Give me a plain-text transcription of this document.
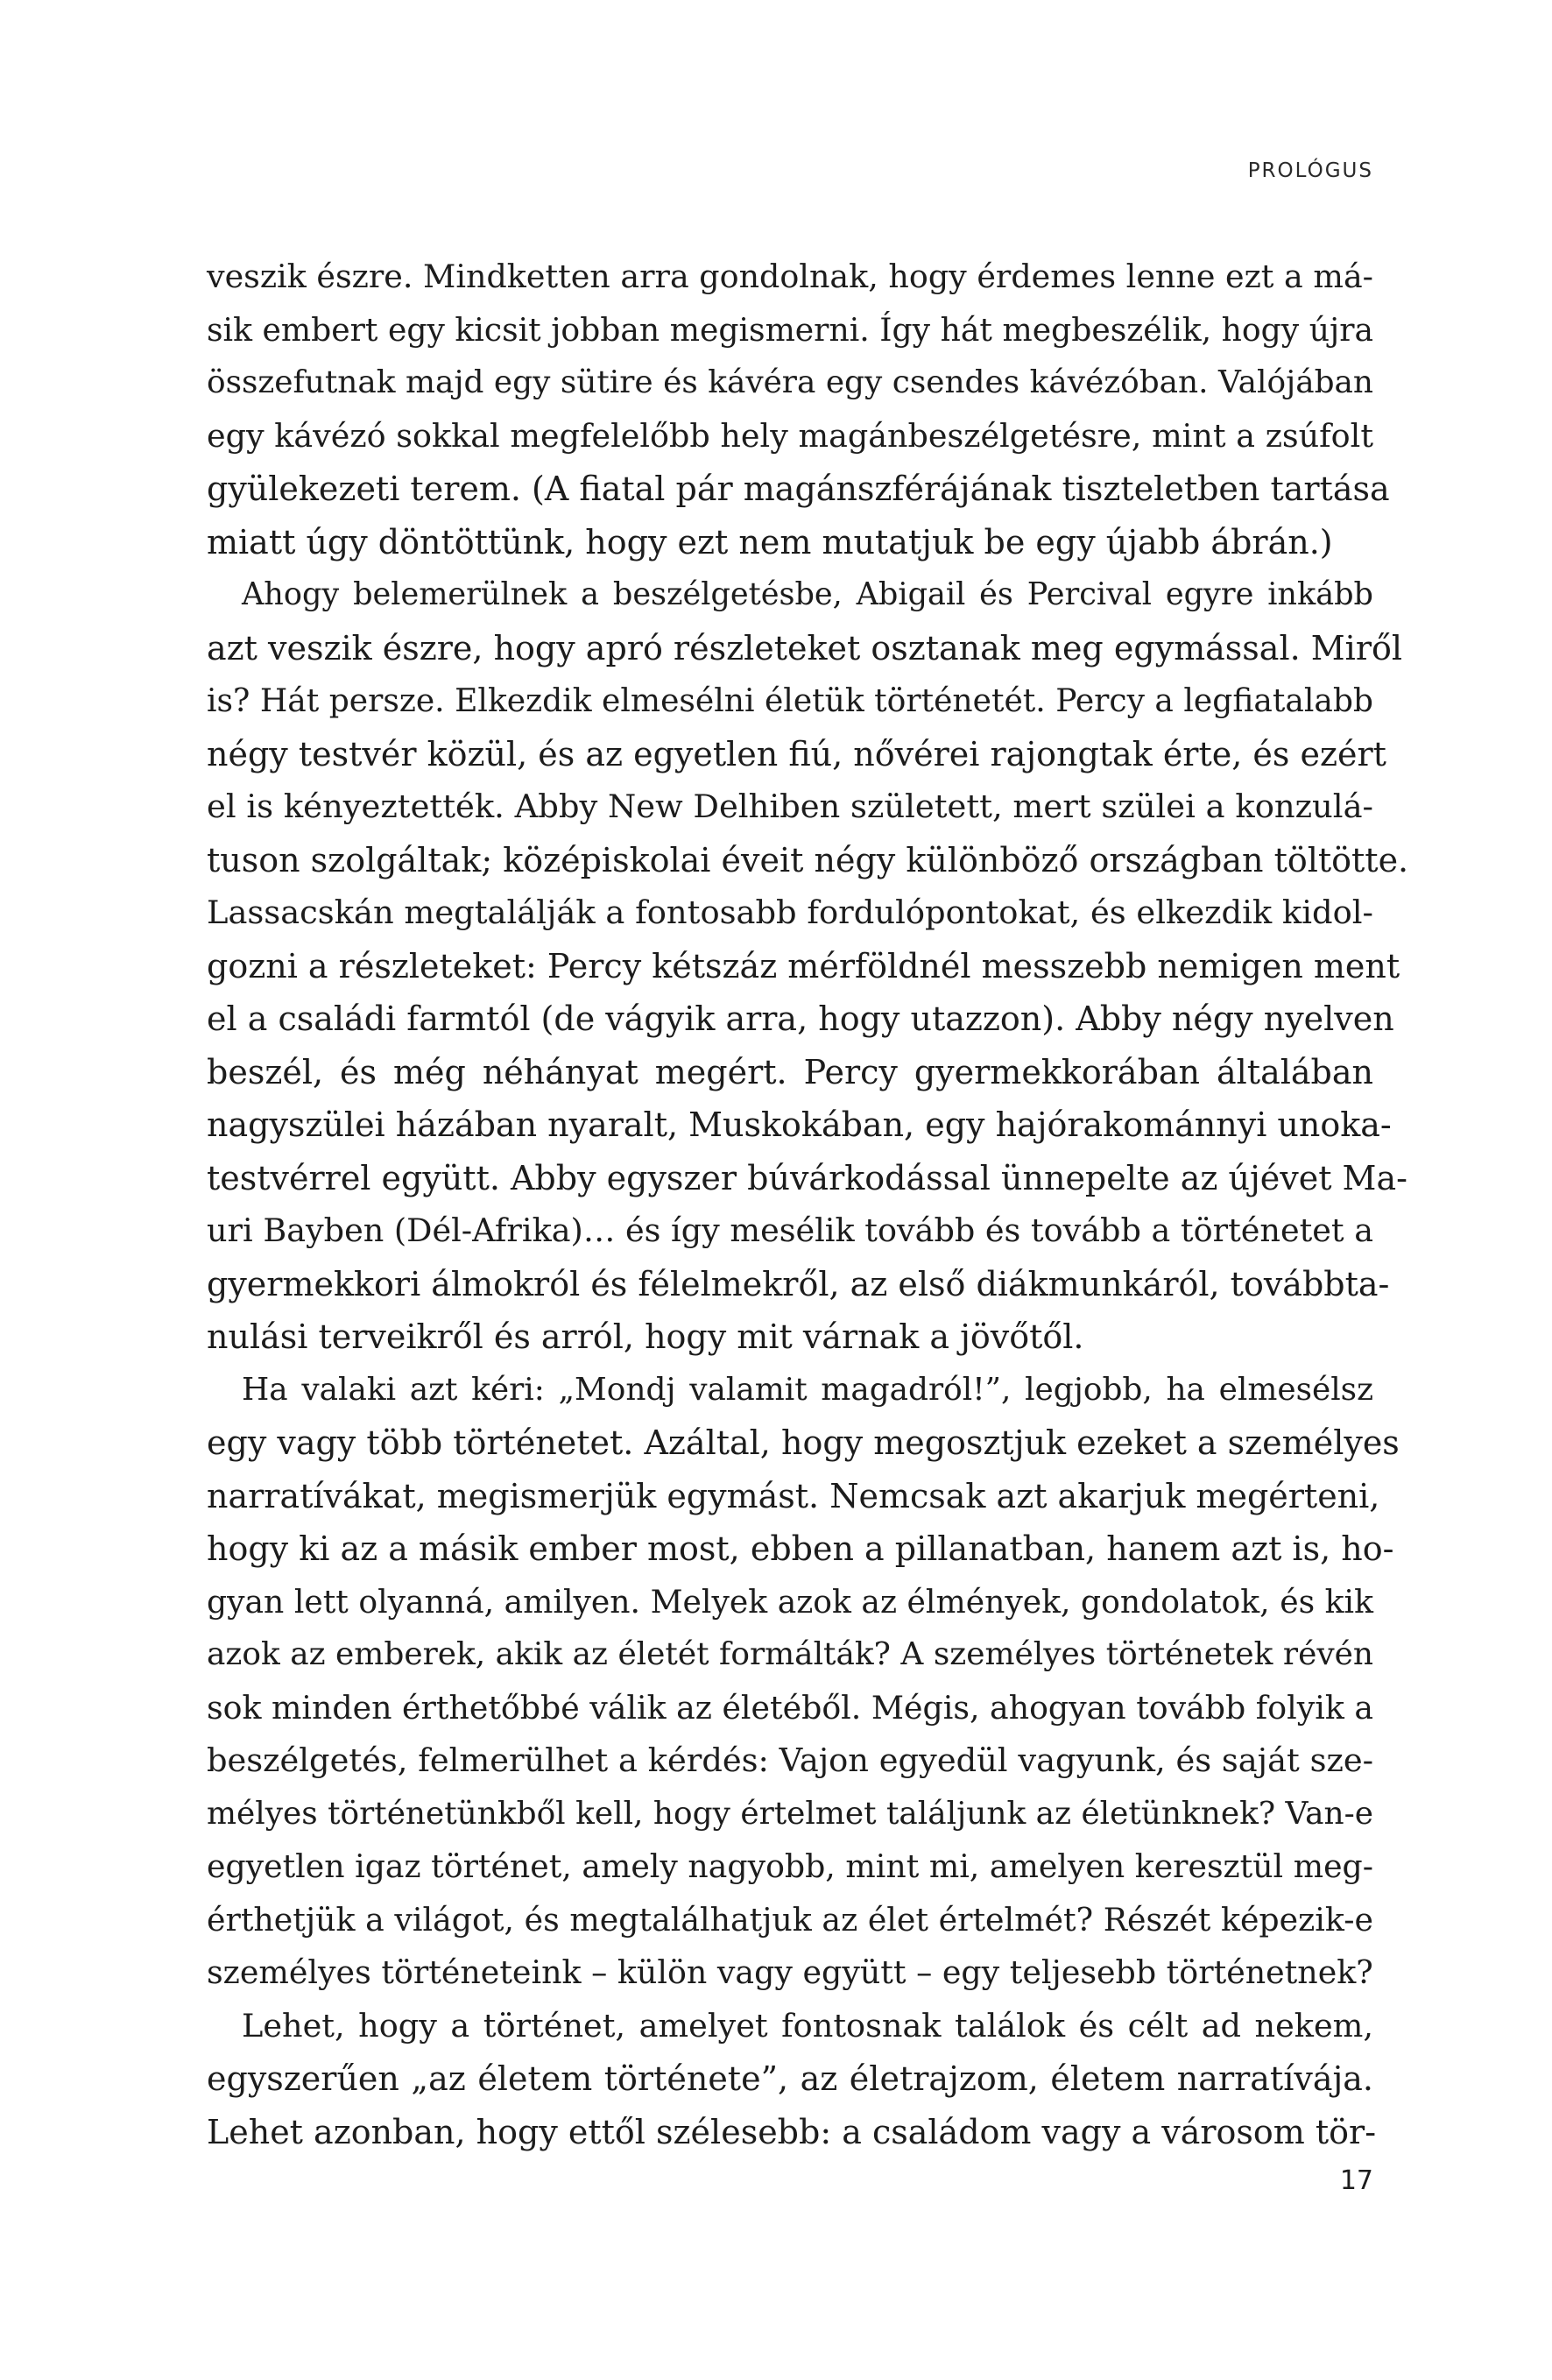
PROLÓGUS
veszik észre. Mindketten arra gondolnak, hogy érdemes lenne ezt a má-
sik embert egy kicsit jobban megismerni. Így hát megbeszélik, hogy újra
összefutnak majd egy sütire és kávéra egy csendes kávézóban. Valójában
egy kávézó sokkal megfelelőbb hely magánbeszélgetésre, mint a zsúfolt
gyülekezeti terem. (A fiatal pár magánszférájának tiszteletben tartása
miatt úgy döntöttünk, hogy ezt nem mutatjuk be egy újabb ábrán.)
Ahogy belemerülnek a beszélgetésbe, Abigail és Percival egyre inkább
azt veszik észre, hogy apró részleteket osztanak meg egymással. Miről
is? Hát persze. Elkezdik elmesélni életük történetét. Percy a legfiatalabb
négy testvér közül, és az egyetlen fiú, nővérei rajongtak érte, és ezért
el is kényeztették. Abby New Delhiben született, mert szülei a konzulá-
tuson szolgáltak; középiskolai éveit négy különböző országban töltötte.
Lassacskán megtalálják a fontosabb fordulópontokat, és elkezdik kidol-
gozni a részleteket: Percy kétszáz mérföldnél messzebb nemigen ment
el a családi farmtól (de vágyik arra, hogy utazzon). Abby négy nyelven
beszél, és még néhányat megért. Percy gyermekkorában általában
nagyszülei házában nyaralt, Muskokában, egy hajórakománnyi unoka-
testvérrel együtt. Abby egyszer búvárkodással ünnepelte az újévet Ma-
uri Bayben (Dél-Afrika)… és így mesélik tovább és tovább a történetet a
gyermekkori álmokról és félelmekről, az első diákmunkáról, továbbta-
nulási terveikről és arról, hogy mit várnak a jövőtől.
Ha valaki azt kéri: „Mondj valamit magadról!”, legjobb, ha elmesélsz
egy vagy több történetet. Azáltal, hogy megosztjuk ezeket a személyes
narratívákat, megismerjük egymást. Nemcsak azt akarjuk megérteni,
hogy ki az a másik ember most, ebben a pillanatban, hanem azt is, ho-
gyan lett olyanná, amilyen. Melyek azok az élmények, gondolatok, és kik
azok az emberek, akik az életét formálták? A személyes történetek révén
sok minden érthetőbbé válik az életéből. Mégis, ahogyan tovább folyik a
beszélgetés, felmerülhet a kérdés: Vajon egyedül vagyunk, és saját sze-
mélyes történetünkből kell, hogy értelmet találjunk az életünknek? Van-e
egyetlen igaz történet, amely nagyobb, mint mi, amelyen keresztül meg-
érthetjük a világot, és megtalálhatjuk az élet értelmét? Részét képezik-e
személyes történeteink – külön vagy együtt – egy teljesebb történetnek?
Lehet, hogy a történet, amelyet fontosnak találok és célt ad nekem,
egyszerűen „az életem története”, az életrajzom, életem narratívája.
Lehet azonban, hogy ettől szélesebb: a családom vagy a városom tör-
17
